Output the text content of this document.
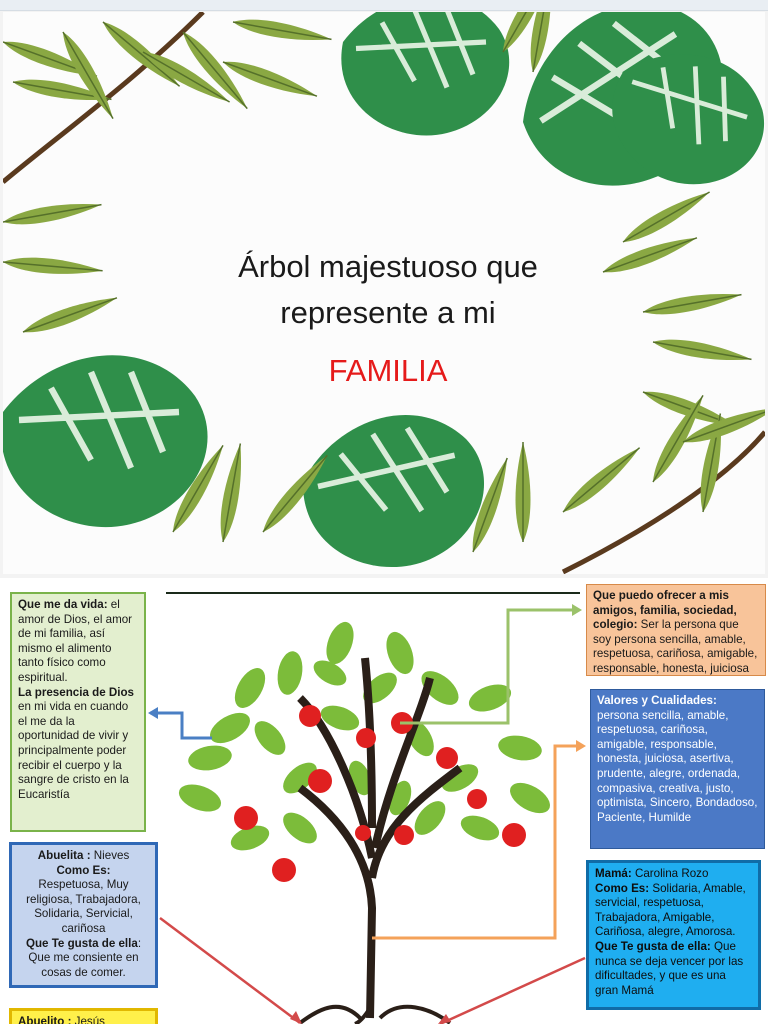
Árbol majestuoso que
represente a mi
FAMILIA
Que me da vida: el amor de Dios, el amor de mi familia, así mismo el alimento tanto físico como espiritual.
La presencia de Dios en mi vida en cuando el me da la oportunidad de vivir y principalmente poder recibir el cuerpo y la sangre de cristo en la Eucaristía
Abuelita : Nieves
Como Es:
Respetuosa, Muy religiosa, Trabajadora, Solidaria, Servicial, cariñosa
Que Te gusta de ella: Que me consiente en cosas de comer.
Abuelito : Jesús
Que puedo ofrecer a mis amigos, familia, sociedad, colegio: Ser la persona que soy persona sencilla, amable, respetuosa, cariñosa, amigable, responsable, honesta, juiciosa
Valores y Cualidades:
persona sencilla, amable, respetuosa, cariñosa, amigable, responsable, honesta, juiciosa, asertiva, prudente, alegre, ordenada, compasiva, creativa, justo, optimista, Sincero, Bondadoso, Paciente, Humilde
Mamá: Carolina Rozo
Como Es: Solidaria, Amable, servicial, respetuosa, Trabajadora, Amigable, Cariñosa, alegre, Amorosa.
Que Te gusta de ella: Que nunca se deja vencer por las dificultades, y que es una gran Mamá
